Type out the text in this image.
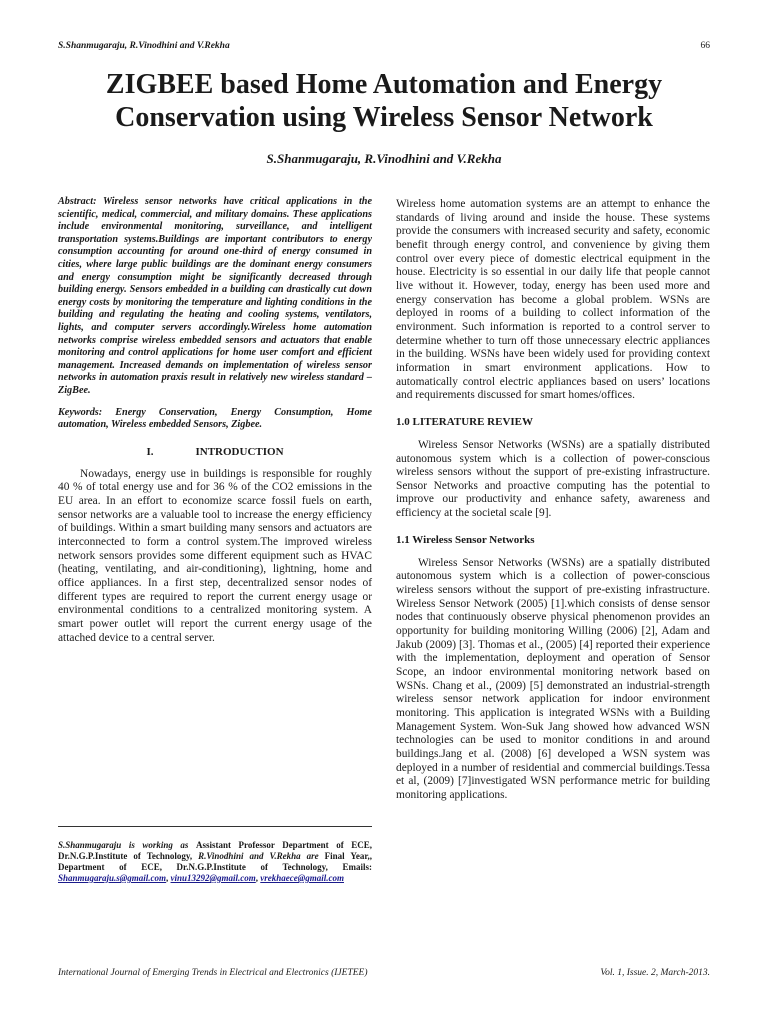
S.Shanmugaraju, R.Vinodhini and V.Rekha	66
ZIGBEE based Home Automation and Energy Conservation using Wireless Sensor Network
S.Shanmugaraju, R.Vinodhini and V.Rekha

Abstract: Wireless sensor networks have critical applications in the scientific, medical, commercial, and military domains. These applications include environmental monitoring, surveillance, and intelligent transportation systems.Buildings are important contributors to energy consumption accounting for around one-third of energy consumed in cities, where large public buildings are the dominant energy consumers and energy consumption might be significantly decreased through building energy. Sensors embedded in a building can drastically cut down energy costs by monitoring the temperature and lighting conditions in the building and regulating the heating and cooling systems, ventilators, lights, and computer servers accordingly.Wireless home automation networks comprise wireless embedded sensors and actuators that enable monitoring and control applications for home user comfort and efficient management. Increased demands on implementation of wireless sensor networks in automation praxis result in relatively new wireless standard – ZigBee.

Keywords: Energy Conservation, Energy Consumption, Home automation, Wireless embedded Sensors, Zigbee.

I.	INTRODUCTION

Nowadays, energy use in buildings is responsible for roughly 40 % of total energy use and for 36 % of the CO2 emissions in the EU area. In an effort to economize scarce fossil fuels on earth, sensor networks are a valuable tool to increase the energy efficiency of buildings. Within a smart building many sensors and actuators are interconnected to form a control system.The improved wireless network sensors provides some different equipment such as HVAC (heating, ventilating, and air-conditioning), lightning, home and office appliances. In a first step, decentralized sensor nodes of different types are required to report the current energy usage or environmental conditions to a centralized monitoring system. A smart power outlet will report the current energy usage of the attached device to a central server.

Wireless home automation systems are an attempt to enhance the standards of living around and inside the house. These systems provide the consumers with increased security and safety, economic benefit through energy control, and convenience by giving them control over every piece of domestic electrical equipment in the house. Electricity is so essential in our daily life that people cannot live without it. However, today, energy has been used more and energy conservation has become a global problem. WSNs are deployed in rooms of a building to collect information of the environment. Such information is reported to a control server to determine whether to turn off those unnecessary electric appliances in the building. WSNs have been widely used for providing context information in smart environment applications. How to automatically control electric appliances based on users’ locations and requirements discussed for smart homes/offices.

1.0 LITERATURE REVIEW

Wireless Sensor Networks (WSNs) are a spatially distributed autonomous system which is a collection of power-conscious wireless sensors without the support of pre-existing infrastructure. Sensor Networks and proactive computing has the potential to improve our productivity and enhance safety, awareness and efficiency at the societal scale [9].

1.1 Wireless Sensor Networks

Wireless Sensor Networks (WSNs) are a spatially distributed autonomous system which is a collection of power-conscious wireless sensors without the support of pre-existing infrastructure. Wireless Sensor Network (2005) [1].which consists of dense sensor nodes that continuously observe physical phenomenon provides an opportunity for building monitoring Willing (2006) [2], Adam and Jakub (2009) [3]. Thomas et al., (2005) [4] reported their experience with the implementation, deployment and operation of Sensor Scope, an indoor environmental monitoring network based on WSNs. Chang et al., (2009) [5] demonstrated an industrial-strength wireless sensor network application for indoor environment monitoring. This application is integrated WSNs with a Building Management System. Won-Suk Jang showed how advanced WSN technologies can be used to monitor conditions in and around buildings.Jang et al. (2008) [6] developed a WSN system was deployed in a number of residential and commercial buildings.Tessa et al, (2009) [7]investigated WSN performance metric for building monitoring applications.

S.Shanmugaraju is working as Assistant Professor Department of ECE, Dr.N.G.P.Institute of Technology, R.Vinodhini and V.Rekha are Final Year,, Department of ECE, Dr.N.G.P.Institute of Technology, Emails: Shanmugaraju.s@gmail.com, vinu13292@gmail.com, vrekhaece@gmail.com
International Journal of Emerging Trends in Electrical and Electronics (IJETEE)	Vol. 1, Issue. 2, March-2013.
